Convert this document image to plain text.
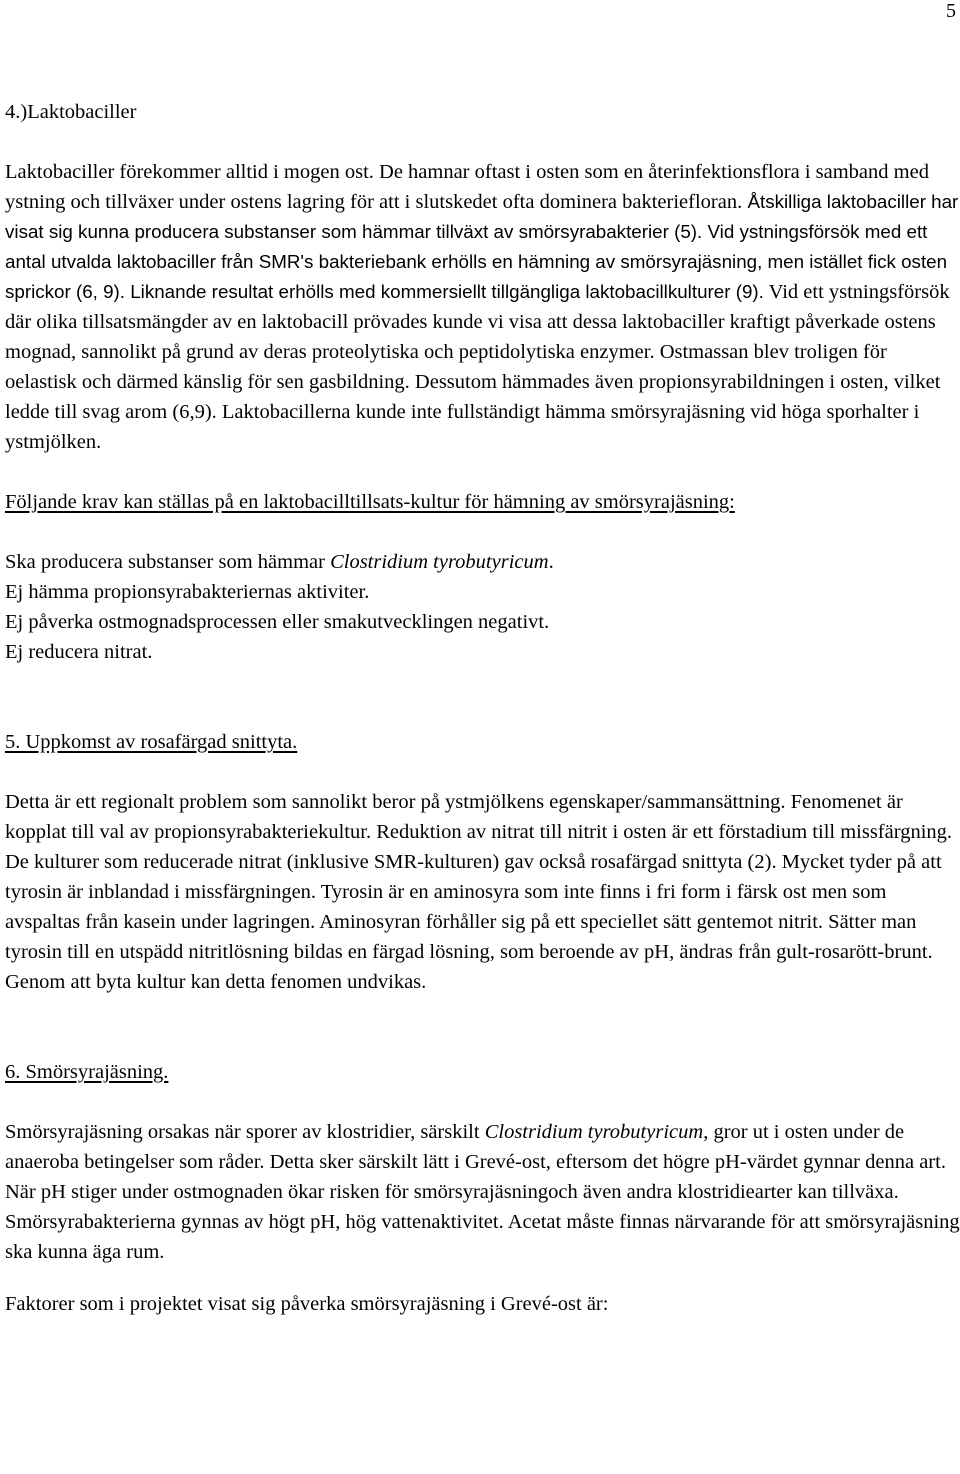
5
4.)Laktobaciller

Laktobaciller förekommer alltid i mogen ost. De hamnar oftast i osten som en återinfektionsflora i samband med ystning och tillväxer under ostens lagring för att i slutskedet ofta dominera bakteriefloran. Åtskilliga laktobaciller har visat sig kunna producera substanser som hämmar tillväxt av smörsyrabakterier (5). Vid ystningsförsök med ett antal utvalda laktobaciller från SMR's bakteriebank erhölls en hämning av smörsyrajäsning, men istället fick osten sprickor (6, 9). Liknande resultat erhölls med kommersiellt tillgängliga laktobacillkulturer (9). Vid ett ystningsförsök där olika tillsatsmängder av en laktobacill prövades kunde vi visa att dessa laktobaciller kraftigt påverkade ostens mognad, sannolikt på grund av deras proteolytiska och peptidolytiska enzymer. Ostmassan blev troligen för oelastisk och därmed känslig för sen gasbildning. Dessutom hämmades även propionsyrabildningen i osten, vilket ledde till svag arom (6,9). Laktobacillerna kunde inte fullständigt hämma smörsyrajäsning vid höga sporhalter i ystmjölken.

Följande krav kan ställas på en laktobacilltillsats-kultur för hämning av smörsyrajäsning:

Ska producera substanser som hämmar Clostridium tyrobutyricum.

Ej hämma propionsyrabakteriernas aktiviter.

Ej påverka ostmognadsprocessen eller smakutvecklingen negativt.

Ej reducera nitrat.

5. Uppkomst av rosafärgad snittyta.

Detta är ett regionalt problem som sannolikt beror på ystmjölkens egenskaper/sammansättning. Fenomenet är kopplat till val av propionsyrabakteriekultur. Reduktion av nitrat till nitrit i osten är ett förstadium till missfärgning. De kulturer som reducerade nitrat (inklusive SMR-kulturen) gav också rosafärgad snittyta (2). Mycket tyder på att tyrosin är inblandad i missfärgningen. Tyrosin är en aminosyra som inte finns i fri form i färsk ost men som avspaltas från kasein under lagringen. Aminosyran förhåller sig på ett speciellet sätt gentemot nitrit. Sätter man tyrosin till en utspädd nitritlösning bildas en färgad lösning, som beroende av pH, ändras från gult-rosarött-brunt. Genom att byta kultur kan detta fenomen undvikas.

6. Smörsyrajäsning.

Smörsyrajäsning orsakas när sporer av klostridier, särskilt Clostridium tyrobutyricum, gror ut i osten under de anaeroba betingelser som råder. Detta sker särskilt lätt i Grevé-ost, eftersom det högre pH-värdet gynnar denna art. När pH stiger under ostmognaden ökar risken för smörsyrajäsningoch även andra klostridiearter kan tillväxa. Smörsyrabakterierna gynnas av högt pH, hög vattenaktivitet. Acetat måste finnas närvarande för att smörsyrajäsning ska kunna äga rum.

Faktorer som i projektet visat sig påverka smörsyrajäsning i Grevé-ost är:
